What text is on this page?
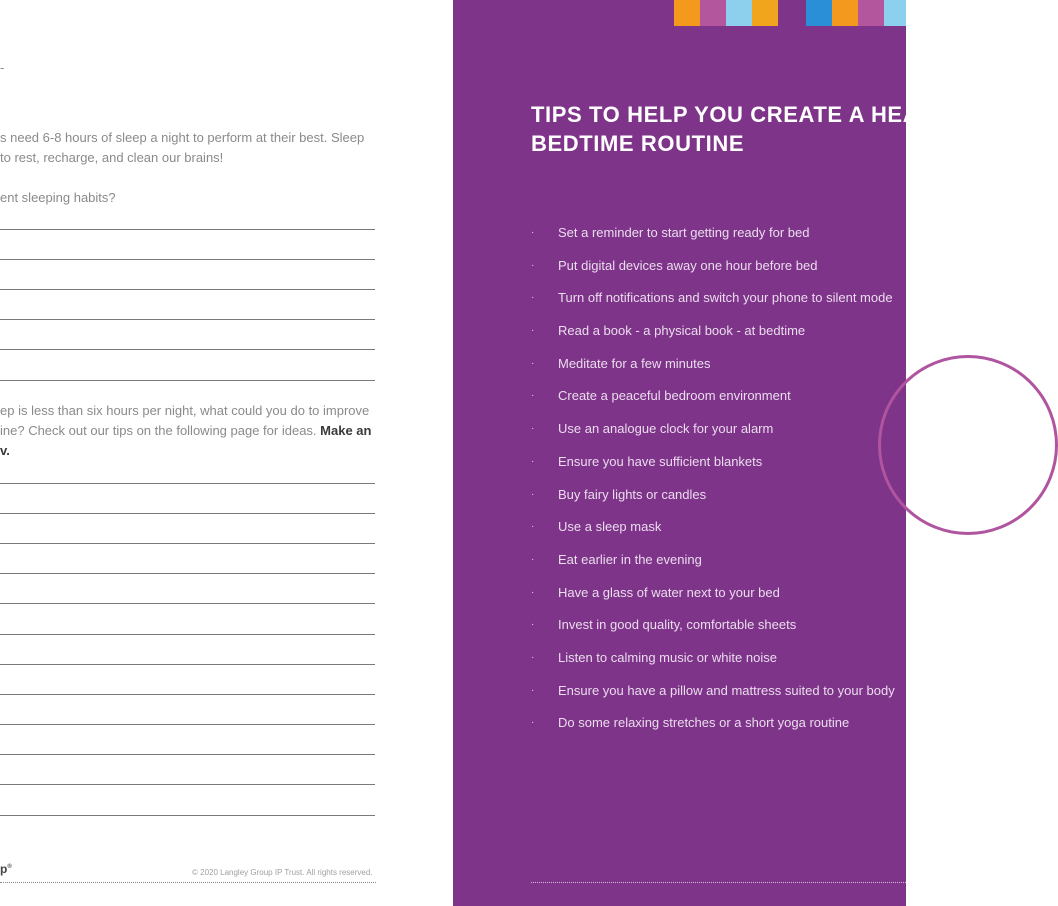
-

s need 6-8 hours of sleep a night to perform at their best. Sleep

to rest, recharge, and clean our brains!

ent sleeping habits?

ep is less than six hours per night, what could you do to improve

ine? Check out our tips on the following page for ideas. Make an

v.

p®
© 2020 Langley Group IP Trust. All rights reserved.
TIPS TO HELP YOU CREATE A HEALTH
BEDTIME ROUTINE
· Set a reminder to start getting ready for bed
· Put digital devices away one hour before bed
· Turn off notifications and switch your phone to silent mode
· Read a book - a physical book - at bedtime
· Meditate for a few minutes
· Create a peaceful bedroom environment
· Use an analogue clock for your alarm
· Ensure you have sufficient blankets
· Buy fairy lights or candles
· Use a sleep mask
· Eat earlier in the evening
· Have a glass of water next to your bed
· Invest in good quality, comfortable sheets
· Listen to calming music or white noise
· Ensure you have a pillow and mattress suited to your body
· Do some relaxing stretches or a short yoga routine
